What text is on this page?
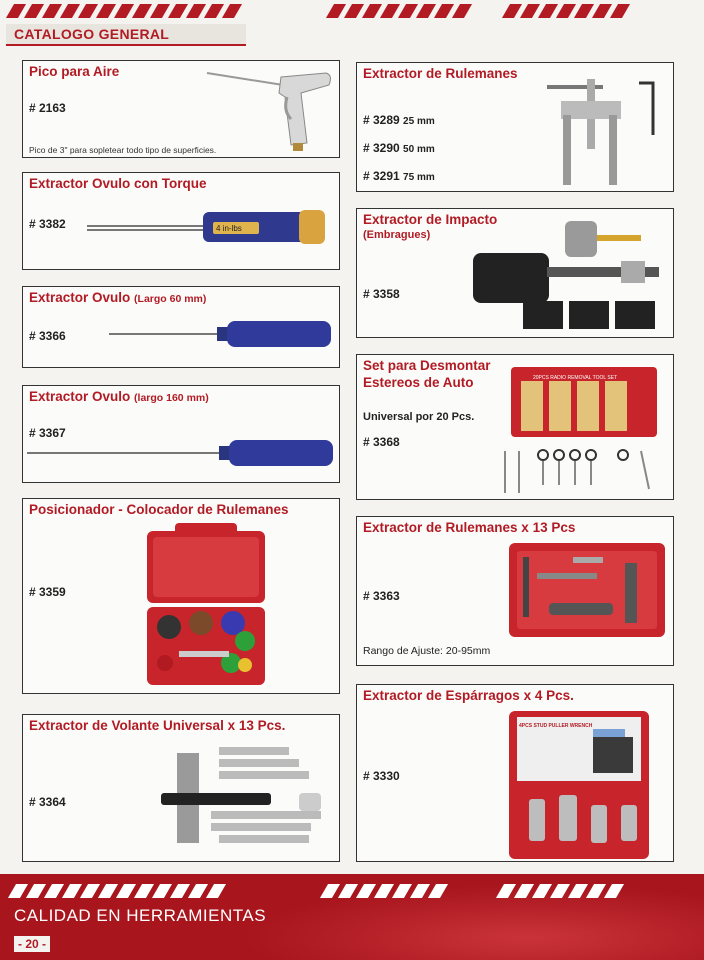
CATALOGO GENERAL
Pico para Aire
# 2163
Pico de 3" para sopletear todo tipo de superficies.
Extractor Ovulo con Torque
# 3382	4 in-lbs
Extractor Ovulo (Largo 60 mm)
# 3366
Extractor Ovulo (largo 160 mm)
# 3367
Posicionador - Colocador de Rulemanes
# 3359
Extractor de Volante Universal x 13 Pcs.
# 3364
Extractor de Rulemanes
# 3289 25 mm
# 3290 50 mm
# 3291 75 mm
Extractor de Impacto
(Embragues)
# 3358
Set para Desmontar
Estereos de Auto
Universal por 20 Pcs.
# 3368
20PCS RADIO REMOVAL TOOL SET
Extractor de Rulemanes x 13 Pcs
# 3363
Rango de Ajuste: 20-95mm
Extractor de Espárragos x 4 Pcs.
# 3330
4PCS STUD PULLER WRENCH
CALIDAD EN HERRAMIENTAS
- 20 -
